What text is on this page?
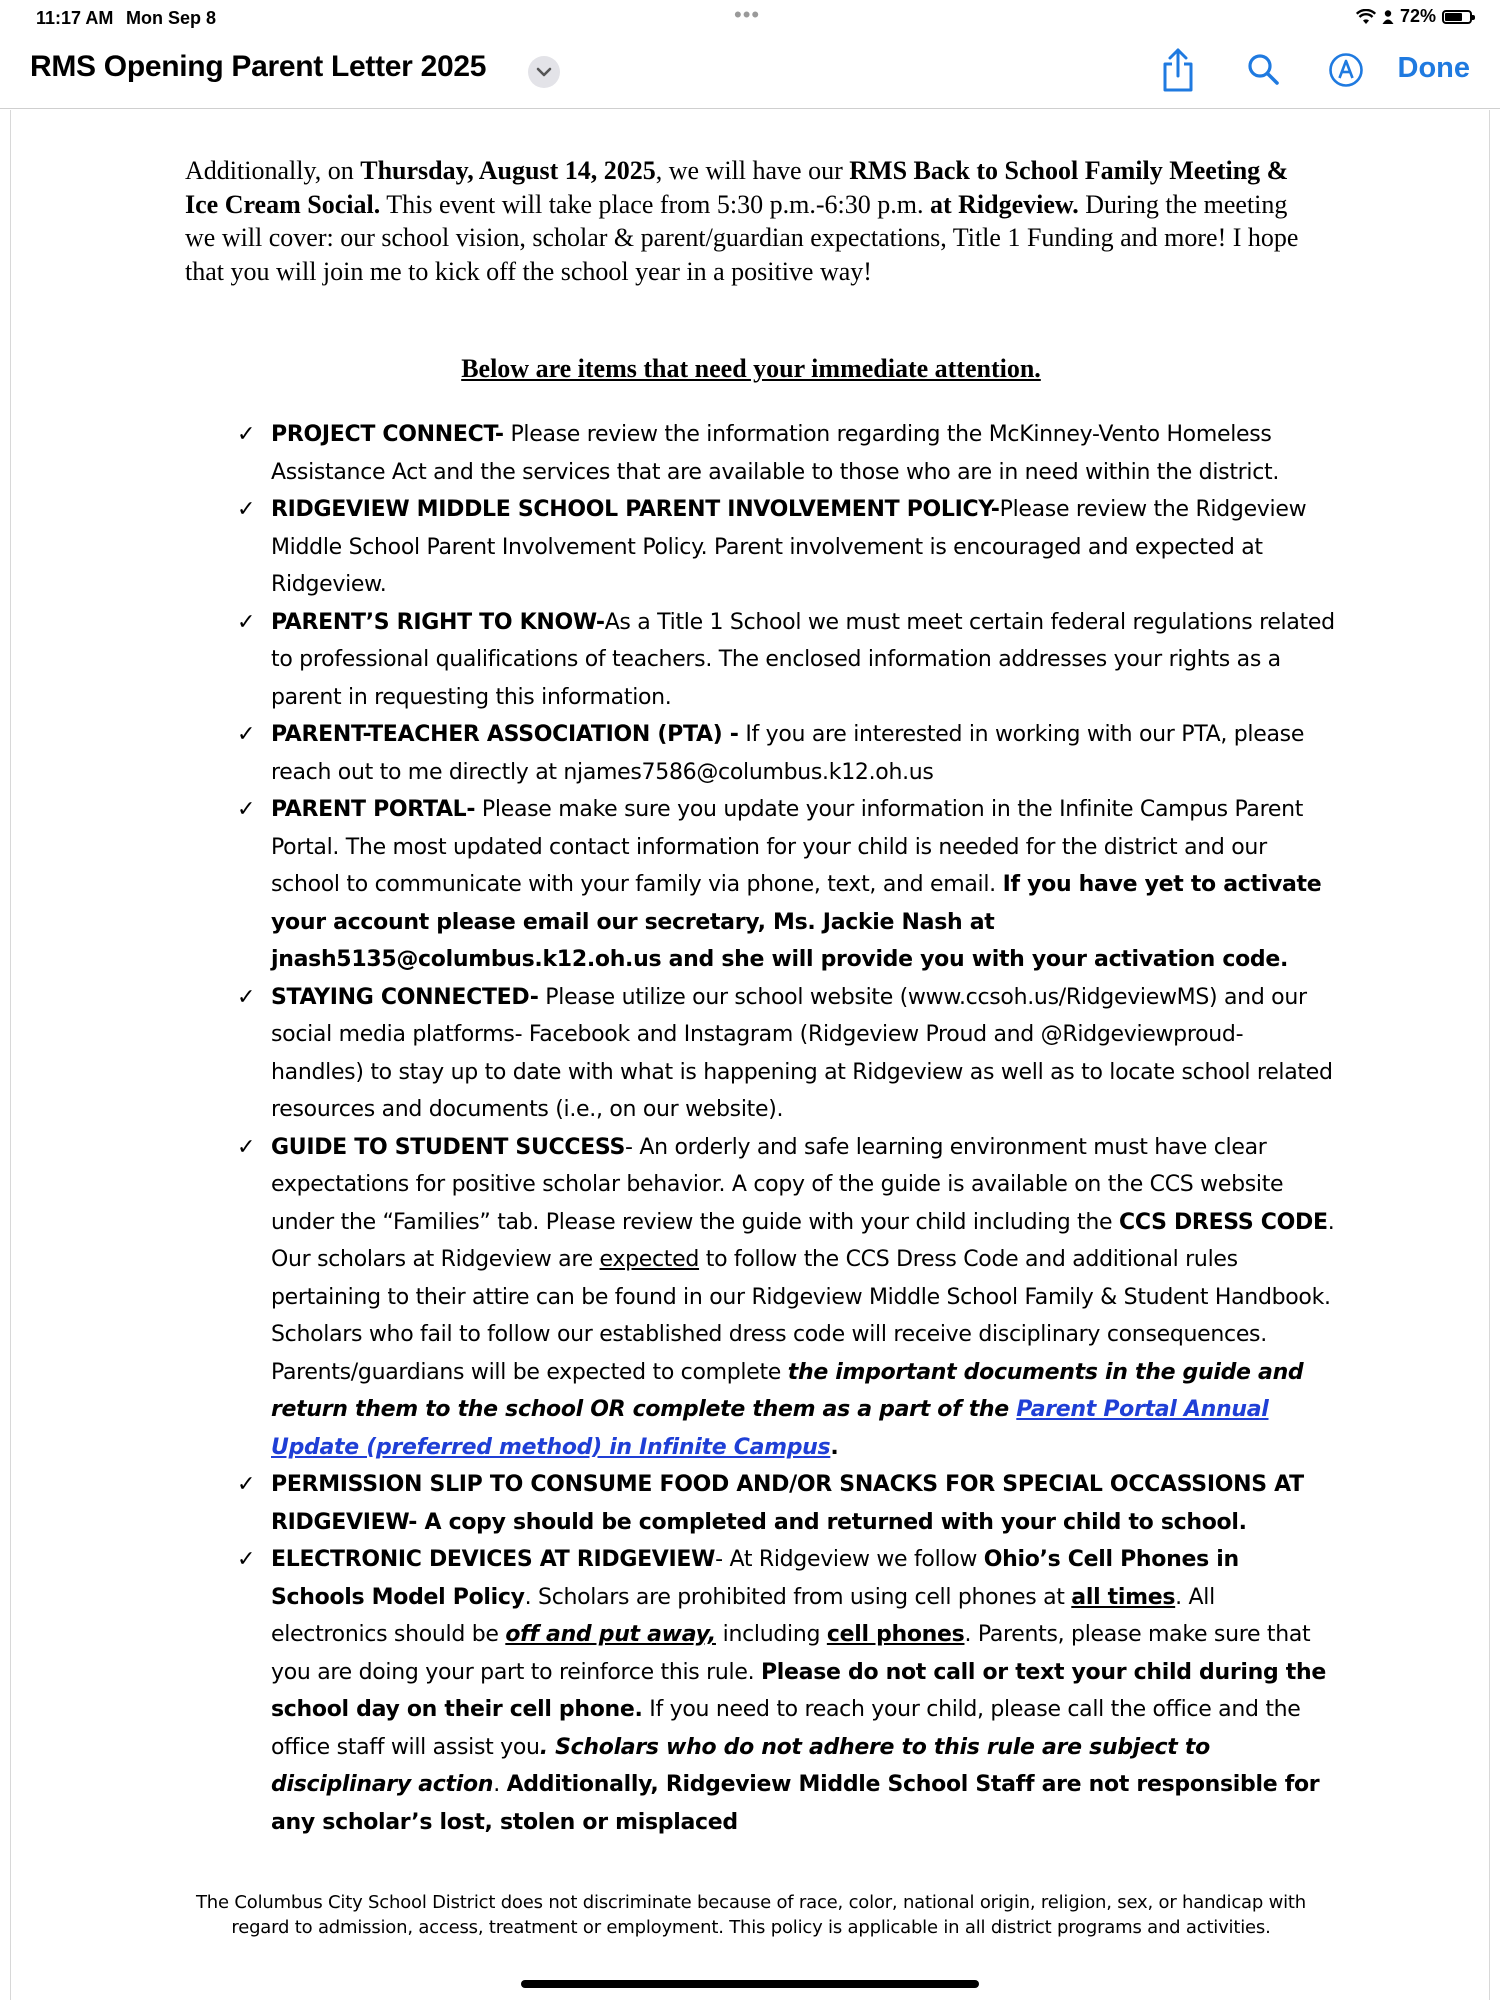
11:17 AM Mon Sep 8	•••	72%
RMS Opening Parent Letter 2025	Done
Additionally, on Thursday, August 14, 2025, we will have our RMS Back to School Family Meeting & Ice Cream Social. This event will take place from 5:30 p.m.-6:30 p.m. at Ridgeview. During the meeting we will cover: our school vision, scholar & parent/guardian expectations, Title 1 Funding and more! I hope that you will join me to kick off the school year in a positive way!
Below are items that need your immediate attention.
✓ PROJECT CONNECT- Please review the information regarding the McKinney-Vento Homeless Assistance Act and the services that are available to those who are in need within the district.
✓ RIDGEVIEW MIDDLE SCHOOL PARENT INVOLVEMENT POLICY-Please review the Ridgeview Middle School Parent Involvement Policy. Parent involvement is encouraged and expected at Ridgeview.
✓ PARENT’S RIGHT TO KNOW-As a Title 1 School we must meet certain federal regulations related to professional qualifications of teachers. The enclosed information addresses your rights as a parent in requesting this information.
✓ PARENT-TEACHER ASSOCIATION (PTA) - If you are interested in working with our PTA, please reach out to me directly at njames7586@columbus.k12.oh.us
✓ PARENT PORTAL- Please make sure you update your information in the Infinite Campus Parent Portal. The most updated contact information for your child is needed for the district and our school to communicate with your family via phone, text, and email. If you have yet to activate your account please email our secretary, Ms. Jackie Nash at jnash5135@columbus.k12.oh.us and she will provide you with your activation code.
✓ STAYING CONNECTED- Please utilize our school website (www.ccsoh.us/RidgeviewMS) and our social media platforms- Facebook and Instagram (Ridgeview Proud and @Ridgeviewproud- handles) to stay up to date with what is happening at Ridgeview as well as to locate school related resources and documents (i.e., on our website).
✓ GUIDE TO STUDENT SUCCESS- An orderly and safe learning environment must have clear expectations for positive scholar behavior. A copy of the guide is available on the CCS website under the “Families” tab. Please review the guide with your child including the CCS DRESS CODE. Our scholars at Ridgeview are expected to follow the CCS Dress Code and additional rules pertaining to their attire can be found in our Ridgeview Middle School Family & Student Handbook. Scholars who fail to follow our established dress code will receive disciplinary consequences. Parents/guardians will be expected to complete the important documents in the guide and return them to the school OR complete them as a part of the Parent Portal Annual Update (preferred method) in Infinite Campus.
✓ PERMISSION SLIP TO CONSUME FOOD AND/OR SNACKS FOR SPECIAL OCCASSIONS AT RIDGEVIEW- A copy should be completed and returned with your child to school.
✓ ELECTRONIC DEVICES AT RIDGEVIEW- At Ridgeview we follow Ohio’s Cell Phones in Schools Model Policy. Scholars are prohibited from using cell phones at all times. All electronics should be off and put away, including cell phones. Parents, please make sure that you are doing your part to reinforce this rule. Please do not call or text your child during the school day on their cell phone. If you need to reach your child, please call the office and the office staff will assist you. Scholars who do not adhere to this rule are subject to disciplinary action. Additionally, Ridgeview Middle School Staff are not responsible for any scholar’s lost, stolen or misplaced
The Columbus City School District does not discriminate because of race, color, national origin, religion, sex, or handicap with regard to admission, access, treatment or employment. This policy is applicable in all district programs and activities.
